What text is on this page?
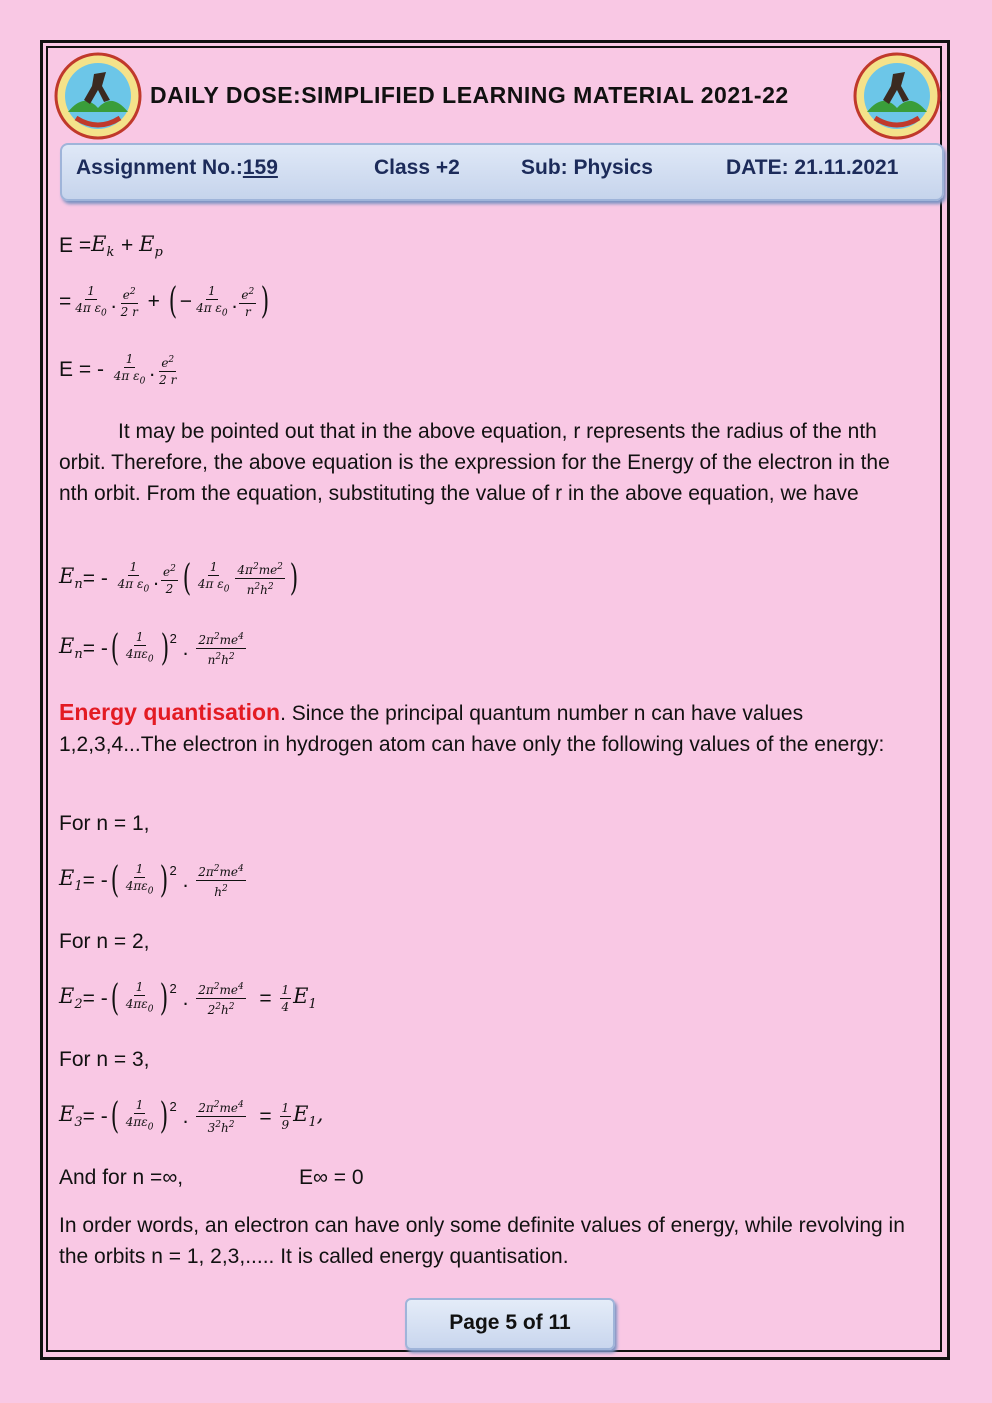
DAILY DOSE:SIMPLIFIED LEARNING MATERIAL 2021-22
Assignment No.:159	Class +2	Sub: Physics	DATE: 21.11.2021
$E = E_k + E_p$
= $\frac{1}{4\pi \varepsilon_0}$ . $\frac{e^2}{2 r}$ + ( − $\frac{1}{4\pi \varepsilon_0}$ . $\frac{e^2}{r}$ )
E = -
$\frac{1}{4\pi \varepsilon_0}$ . $\frac{e^2}{2 r}$
It may be pointed out that in the above equation, r represents the radius of the nth orbit. Therefore, the above equation is the expression for the Energy of the electron in the nth orbit. From the equation, substituting the value of r in the above equation, we have
$E_n$ = -
$\frac{1}{4\pi \varepsilon_0}$ . $\frac{e^2}{2}$ ( $\frac{1}{4\pi \varepsilon_0} \frac{4\pi^2me^2}{n^2h^2}$ )
$E_n$ = - ( $\frac{1}{4\pi\varepsilon_0}$ ) 2 . $\frac{2\pi^2me^4}{n^2h^2}$
Energy quantisation. Since the principal quantum number n can have values 1,2,3,4...The electron in hydrogen atom can have only the following values of the energy:
For n = 1,
$E_1$ = - ( $\frac{1}{4\pi\varepsilon_0}$ ) 2 . $\frac{2\pi^2me^4}{h^2}$
For n = 2,
$E_2$ = - ( $\frac{1}{4\pi\varepsilon_0}$ ) 2 . $\frac{2\pi^2me^4}{2^2h^2} = \frac{1}{4} E_1$
For n = 3,
$E_3$ = - ( $\frac{1}{4\pi\varepsilon_0}$ ) 2 . $\frac{2\pi^2me^4}{3^2h^2} = \frac{1}{9} E_1$,
And for n =∞,	E∞ = 0
In order words, an electron can have only some definite values of energy, while revolving in the orbits n = 1, 2,3,..... It is called energy quantisation.
Page 5 of 11
